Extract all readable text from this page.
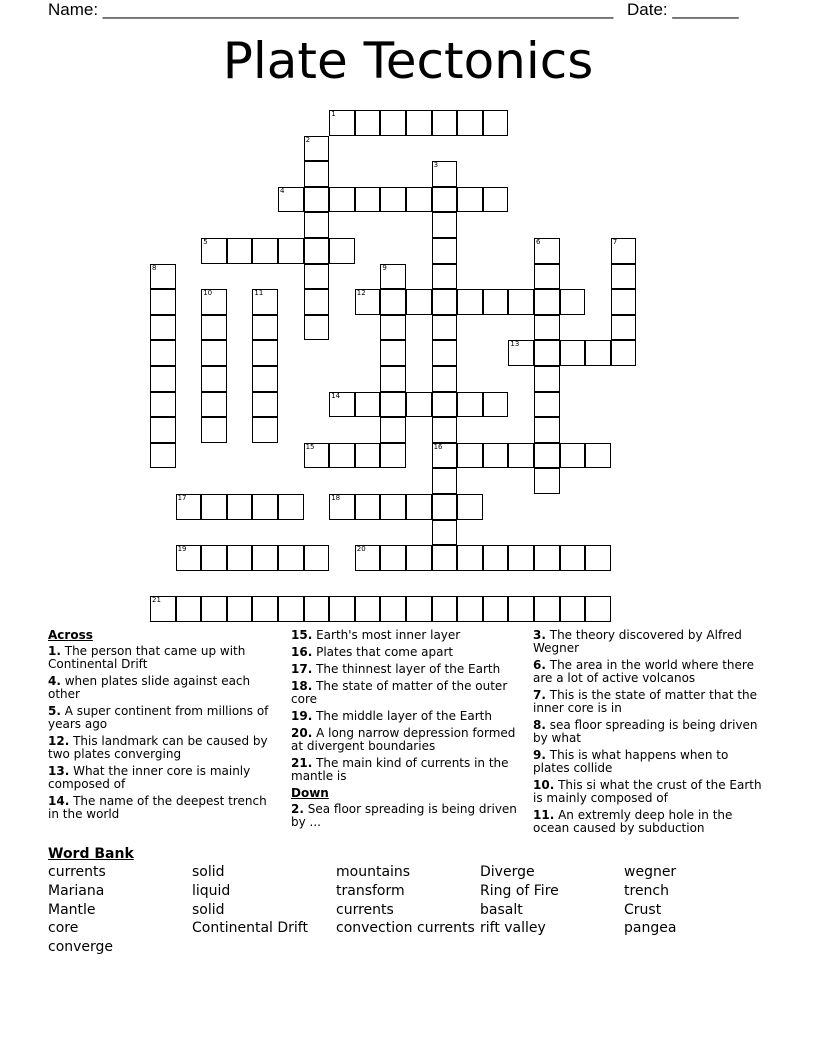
Name: ______________________________________________________ Date: _______
Plate Tectonics
1
2
3
16
4
5	6	7
8	9
10	11	12
13
14
15
17	18
19	20
21
Across
1. The person that came up with Continental Drift
4. when plates slide against each other
5. A super continent from millions of years ago
12. This landmark can be caused by two plates converging
13. What the inner core is mainly composed of
14. The name of the deepest trench in the world
15. Earth's most inner layer
16. Plates that come apart
17. The thinnest layer of the Earth
18. The state of matter of the outer core
19. The middle layer of the Earth
20. A long narrow depression formed at divergent boundaries
21. The main kind of currents in the mantle is
Down
2. Sea floor spreading is being driven by ...
3. The theory discovered by Alfred Wegner
6. The area in the world where there are a lot of active volcanos
7. This is the state of matter that the inner core is in
8. sea floor spreading is being driven by what
9. This is what happens when to plates collide
10. This si what the crust of the Earth is mainly composed of
11. An extremly deep hole in the ocean caused by subduction
Word Bank
currents
Mariana
Mantle
core
converge
solid
liquid
solid
Continental Drift
mountains
transform
currents
convection currents
Diverge
Ring of Fire
basalt
rift valley
wegner
trench
Crust
pangea
